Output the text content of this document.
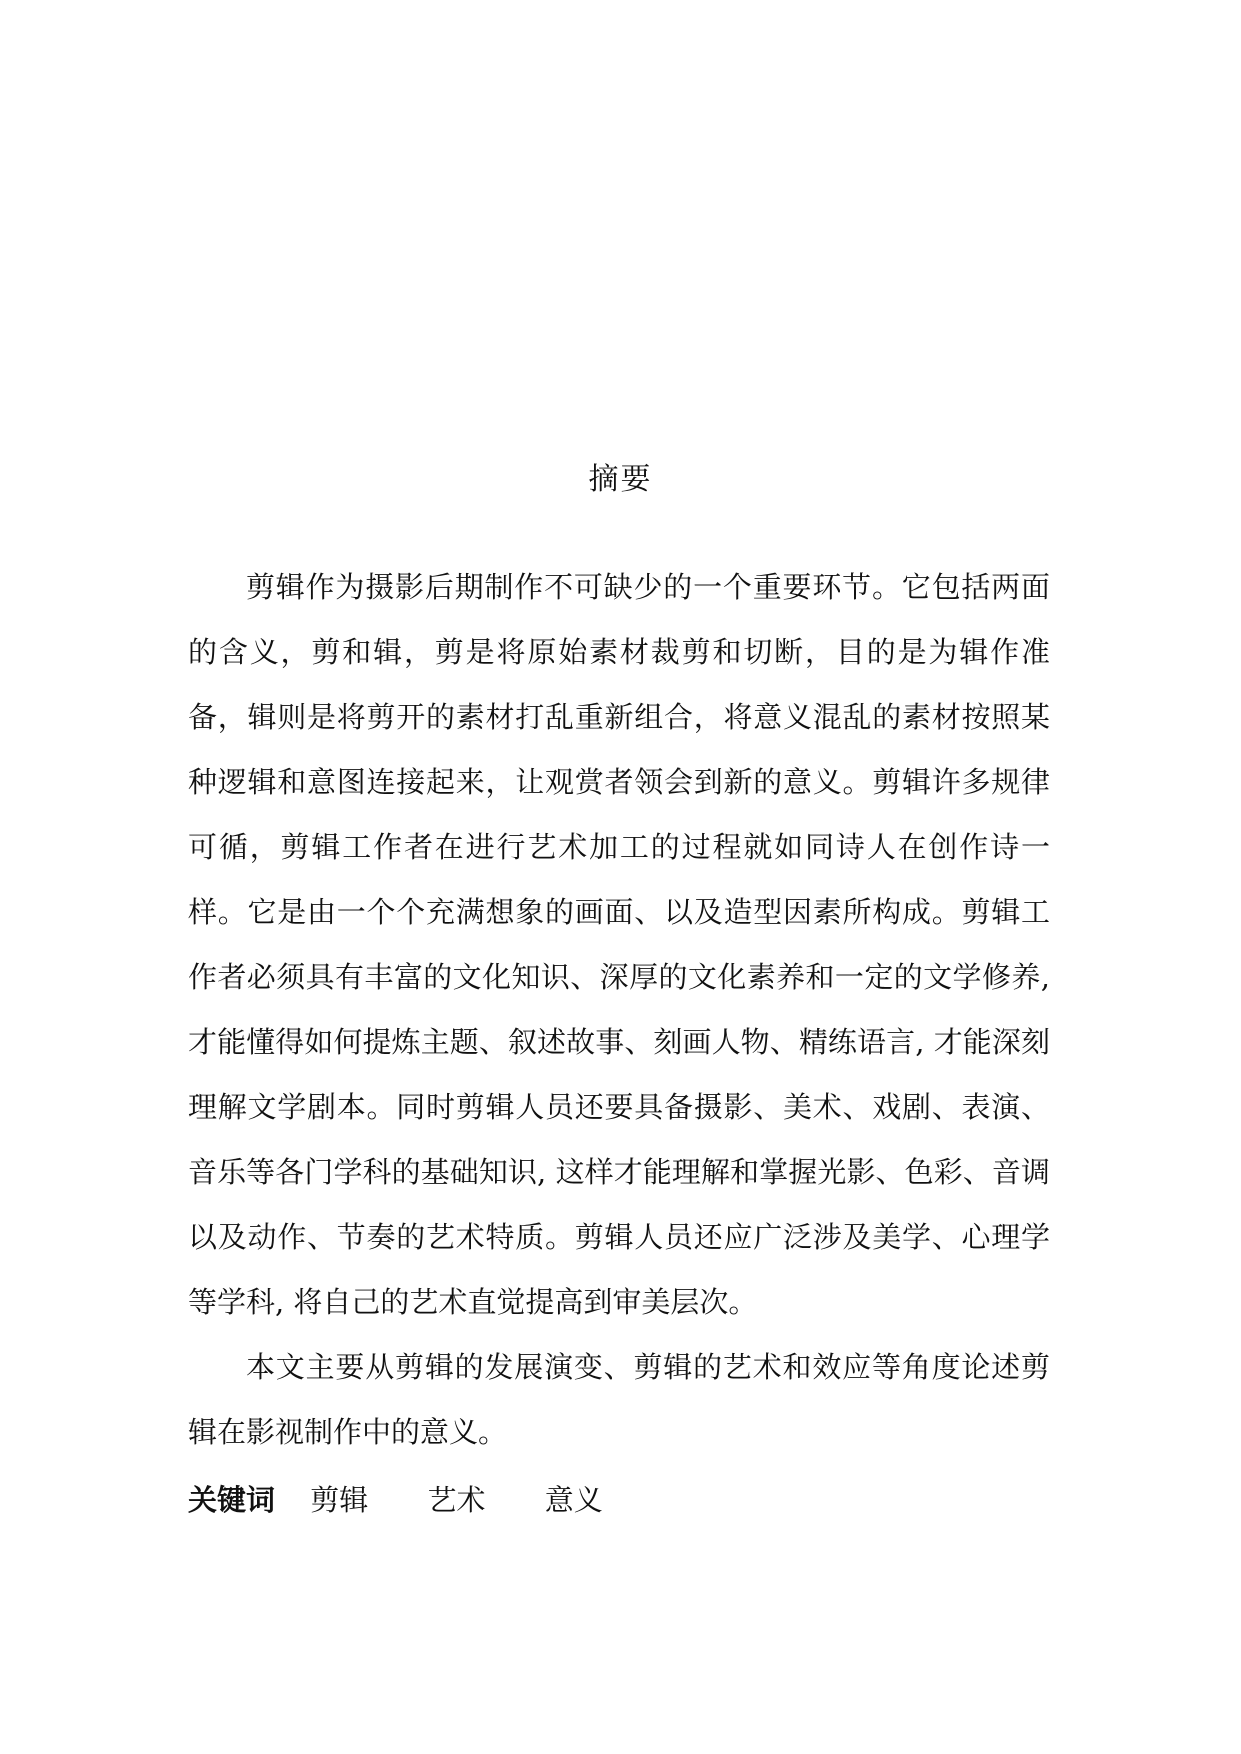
摘要

剪辑作为摄影后期制作不可缺少的一个重要环节。它包括两面的含义，剪和辑，剪是将原始素材裁剪和切断，目的是为辑作准备，辑则是将剪开的素材打乱重新组合，将意义混乱的素材按照某种逻辑和意图连接起来，让观赏者领会到新的意义。剪辑许多规律可循，剪辑工作者在进行艺术加工的过程就如同诗人在创作诗一样。它是由一个个充满想象的画面、以及造型因素所构成。剪辑工作者必须具有丰富的文化知识、深厚的文化素养和一定的文学修养, 才能懂得如何提炼主题、叙述故事、刻画人物、精练语言, 才能深刻理解文学剧本。同时剪辑人员还要具备摄影、美术、戏剧、表演、音乐等各门学科的基础知识, 这样才能理解和掌握光影、色彩、音调以及动作、节奏的艺术特质。剪辑人员还应广泛涉及美学、心理学等学科, 将自己的艺术直觉提高到审美层次。

本文主要从剪辑的发展演变、剪辑的艺术和效应等角度论述剪辑在影视制作中的意义。

关键词 剪辑 艺术 意义
